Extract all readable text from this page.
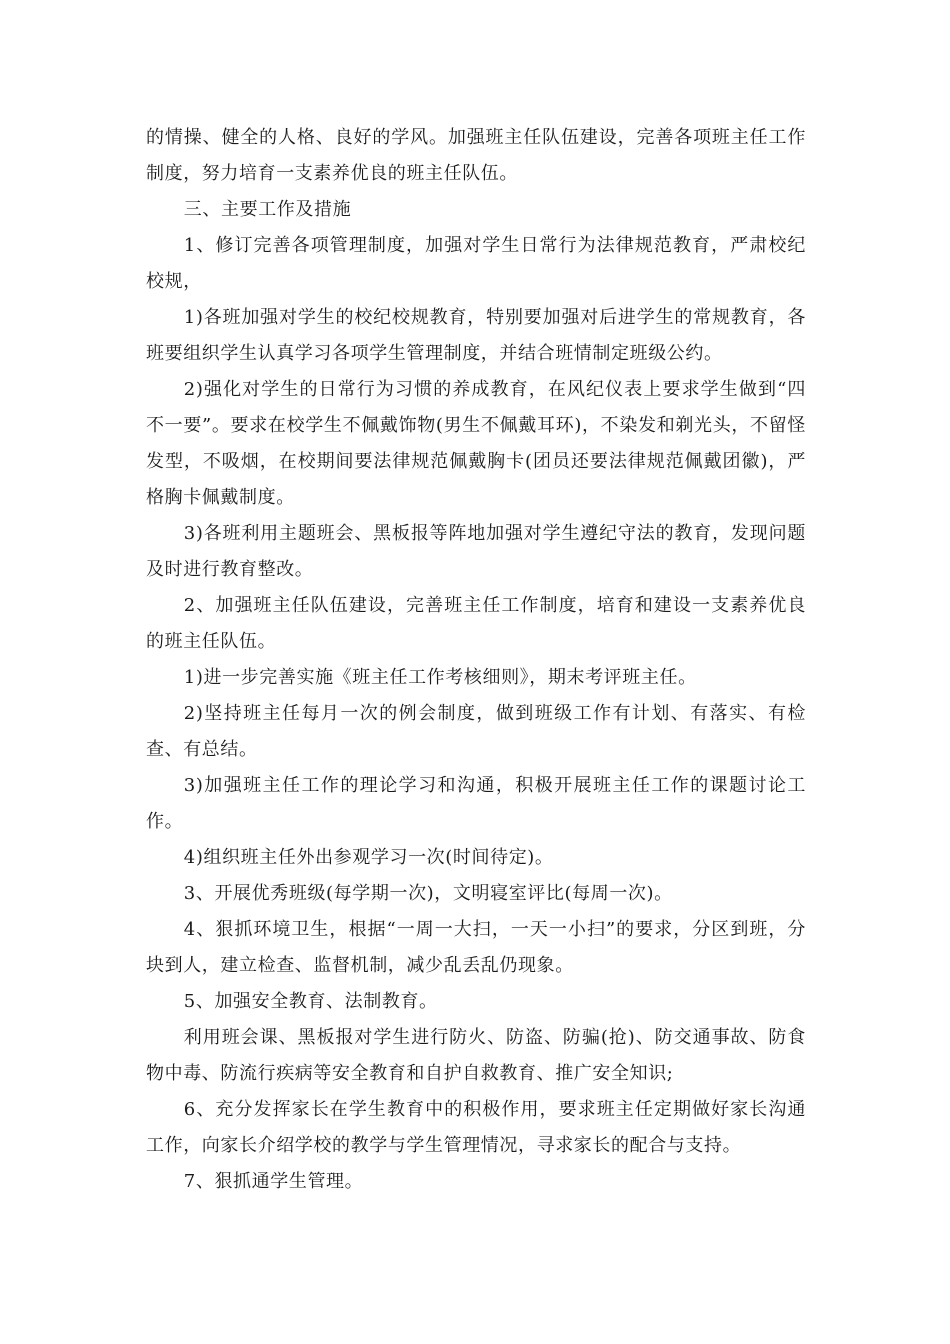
的情操、健全的人格、良好的学风。加强班主任队伍建设，完善各项班主任工作制度，努力培育一支素养优良的班主任队伍。

三、主要工作及措施

1、修订完善各项管理制度，加强对学生日常行为法律规范教育，严肃校纪校规，

1)各班加强对学生的校纪校规教育，特别要加强对后进学生的常规教育，各班要组织学生认真学习各项学生管理制度，并结合班情制定班级公约。

2)强化对学生的日常行为习惯的养成教育，在风纪仪表上要求学生做到“四不一要”。要求在校学生不佩戴饰物(男生不佩戴耳环)，不染发和剃光头，不留怪发型，不吸烟，在校期间要法律规范佩戴胸卡(团员还要法律规范佩戴团徽)，严格胸卡佩戴制度。

3)各班利用主题班会、黑板报等阵地加强对学生遵纪守法的教育，发现问题及时进行教育整改。

2、加强班主任队伍建设，完善班主任工作制度，培育和建设一支素养优良的班主任队伍。

1)进一步完善实施《班主任工作考核细则》，期末考评班主任。

2)坚持班主任每月一次的例会制度，做到班级工作有计划、有落实、有检查、有总结。

3)加强班主任工作的理论学习和沟通，积极开展班主任工作的课题讨论工作。

4)组织班主任外出参观学习一次(时间待定)。

3、开展优秀班级(每学期一次)，文明寝室评比(每周一次)。

4、狠抓环境卫生，根据“一周一大扫，一天一小扫”的要求，分区到班，分块到人，建立检查、监督机制，减少乱丢乱仍现象。

5、加强安全教育、法制教育。

利用班会课、黑板报对学生进行防火、防盗、防骗(抢)、防交通事故、防食物中毒、防流行疾病等安全教育和自护自救教育、推广安全知识;

6、充分发挥家长在学生教育中的积极作用，要求班主任定期做好家长沟通工作，向家长介绍学校的教学与学生管理情况，寻求家长的配合与支持。

7、狠抓通学生管理。
